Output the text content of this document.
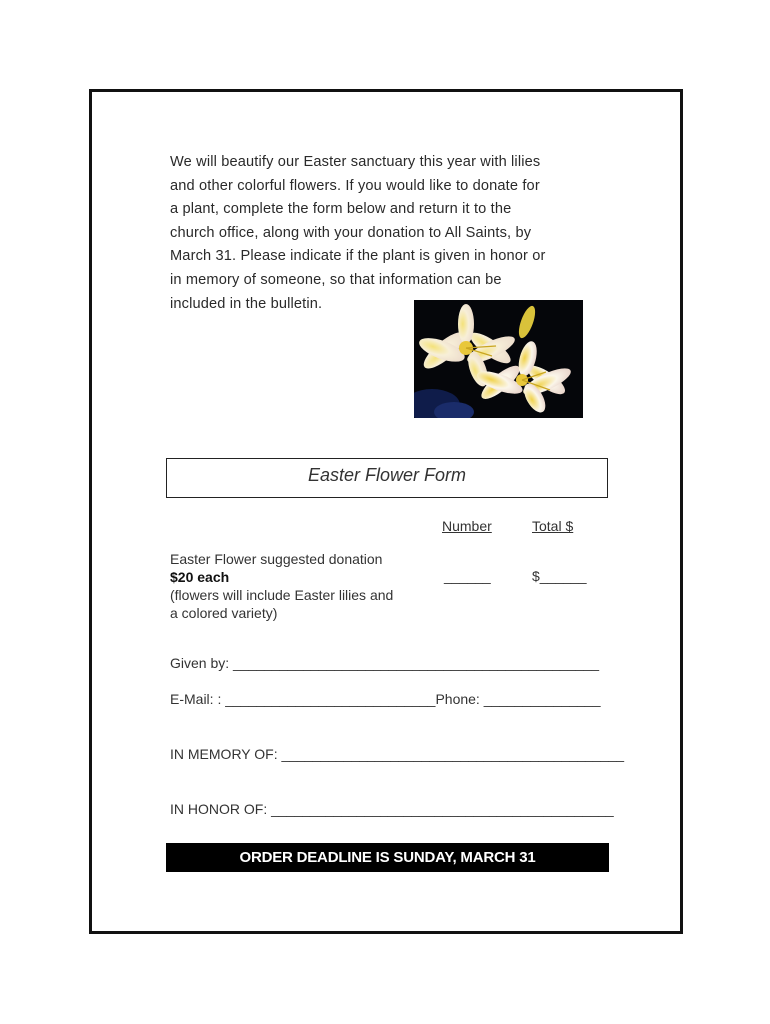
We will beautify our Easter sanctuary this year with lilies

and other colorful flowers. If you would like to donate for

a plant, complete the form below and return it to the

church office, along with your donation to All Saints, by

March 31. Please indicate if the plant is given in honor or

in memory of someone, so that information can be

included in the bulletin.

Easter Flower Form
Number	Total $
Easter Flower suggested donation
$20 each
(flowers will include Easter lilies and
a colored variety)
______	$______
Given by: _______________________________________________
E-Mail: : ___________________________Phone: _______________
IN MEMORY OF: ____________________________________________
IN HONOR OF: ____________________________________________
ORDER DEADLINE IS SUNDAY, MARCH 31
